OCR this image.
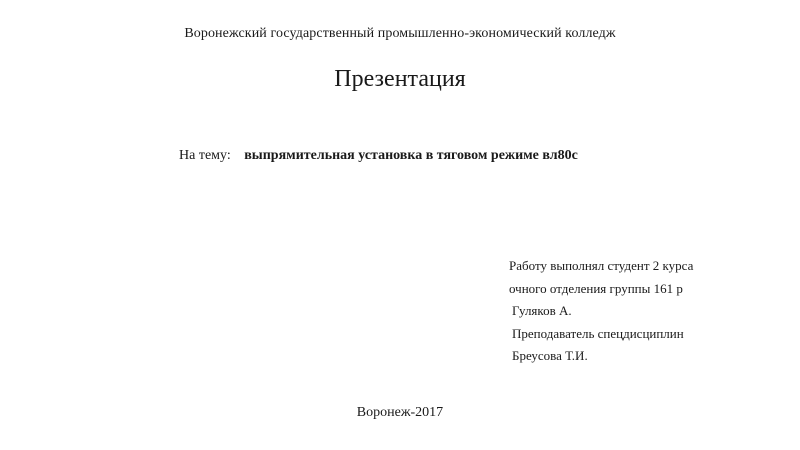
Воронежский государственный промышленно-экономический колледж
Презентация
На тему: выпрямительная установка в тяговом режиме вл80с
Работу выполнял студент 2 курса
очного отделения группы 161 р
Гуляков А.
Преподаватель спецдисциплин
Бреусова Т.И.
Воронеж-2017
